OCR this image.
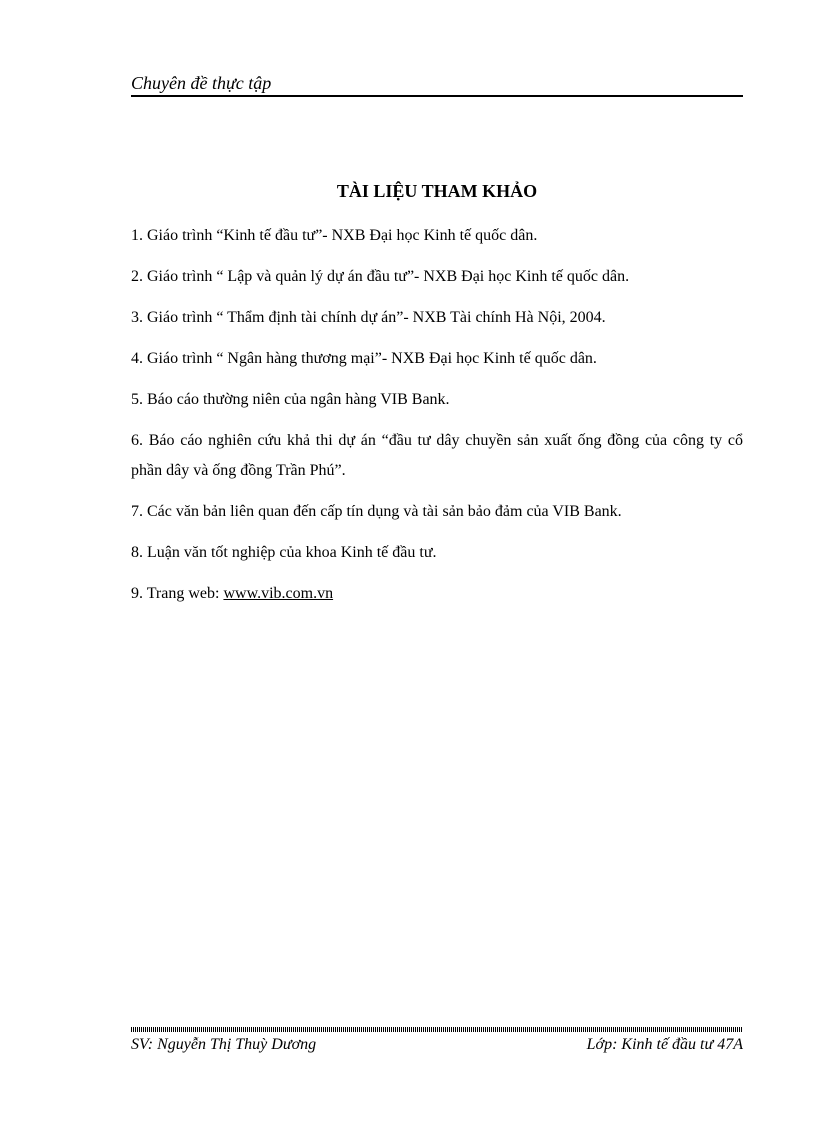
Chuyên đề thực tập
TÀI LIỆU THAM KHẢO
1. Giáo trình “Kinh tế đầu tư”- NXB Đại học Kinh tế quốc dân.
2. Giáo trình “ Lập và quản lý dự án đầu tư”- NXB Đại học Kinh tế quốc dân.
3. Giáo trình “ Thẩm định tài chính dự án”- NXB Tài chính Hà Nội, 2004.
4. Giáo trình “ Ngân hàng thương mại”- NXB Đại học Kinh tế quốc dân.
5. Báo cáo thường niên của ngân hàng VIB Bank.
6. Báo cáo nghiên cứu khả thi dự án “đầu tư dây chuyền sản xuất ống đồng của công ty cổ phần dây và ống đồng Trần Phú”.
7. Các văn bản liên quan đến cấp tín dụng và tài sản bảo đảm của VIB Bank.
8. Luận văn tốt nghiệp của khoa Kinh tế đầu tư.
9. Trang web: www.vib.com.vn
SV: Nguyễn Thị Thuỳ Dương	Lớp: Kinh tế đầu tư 47A
